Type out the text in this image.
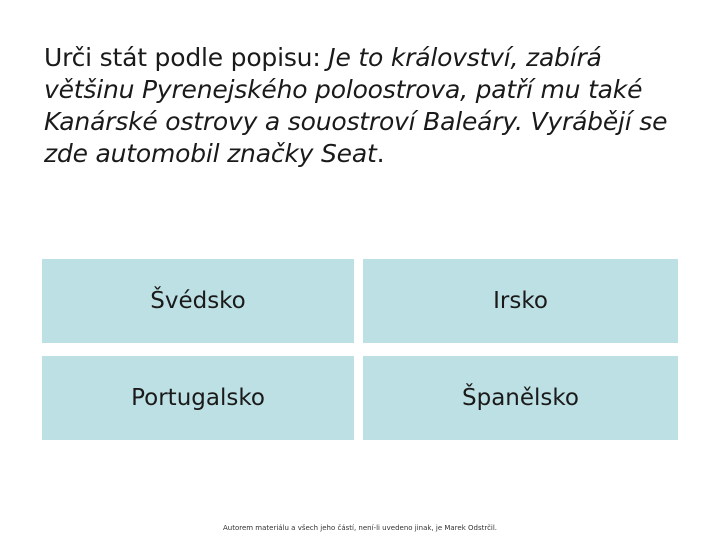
Urči stát podle popisu: Je to království, zabírá většinu Pyrenejského poloostrova, patří mu také Kanárské ostrovy a souostroví Baleáry. Vyrábějí se zde automobil značky Seat.
Švédsko	Irsko
Portugalsko	Španělsko
Autorem materiálu a všech jeho částí, není-li uvedeno jinak, je Marek Odstrčil.
